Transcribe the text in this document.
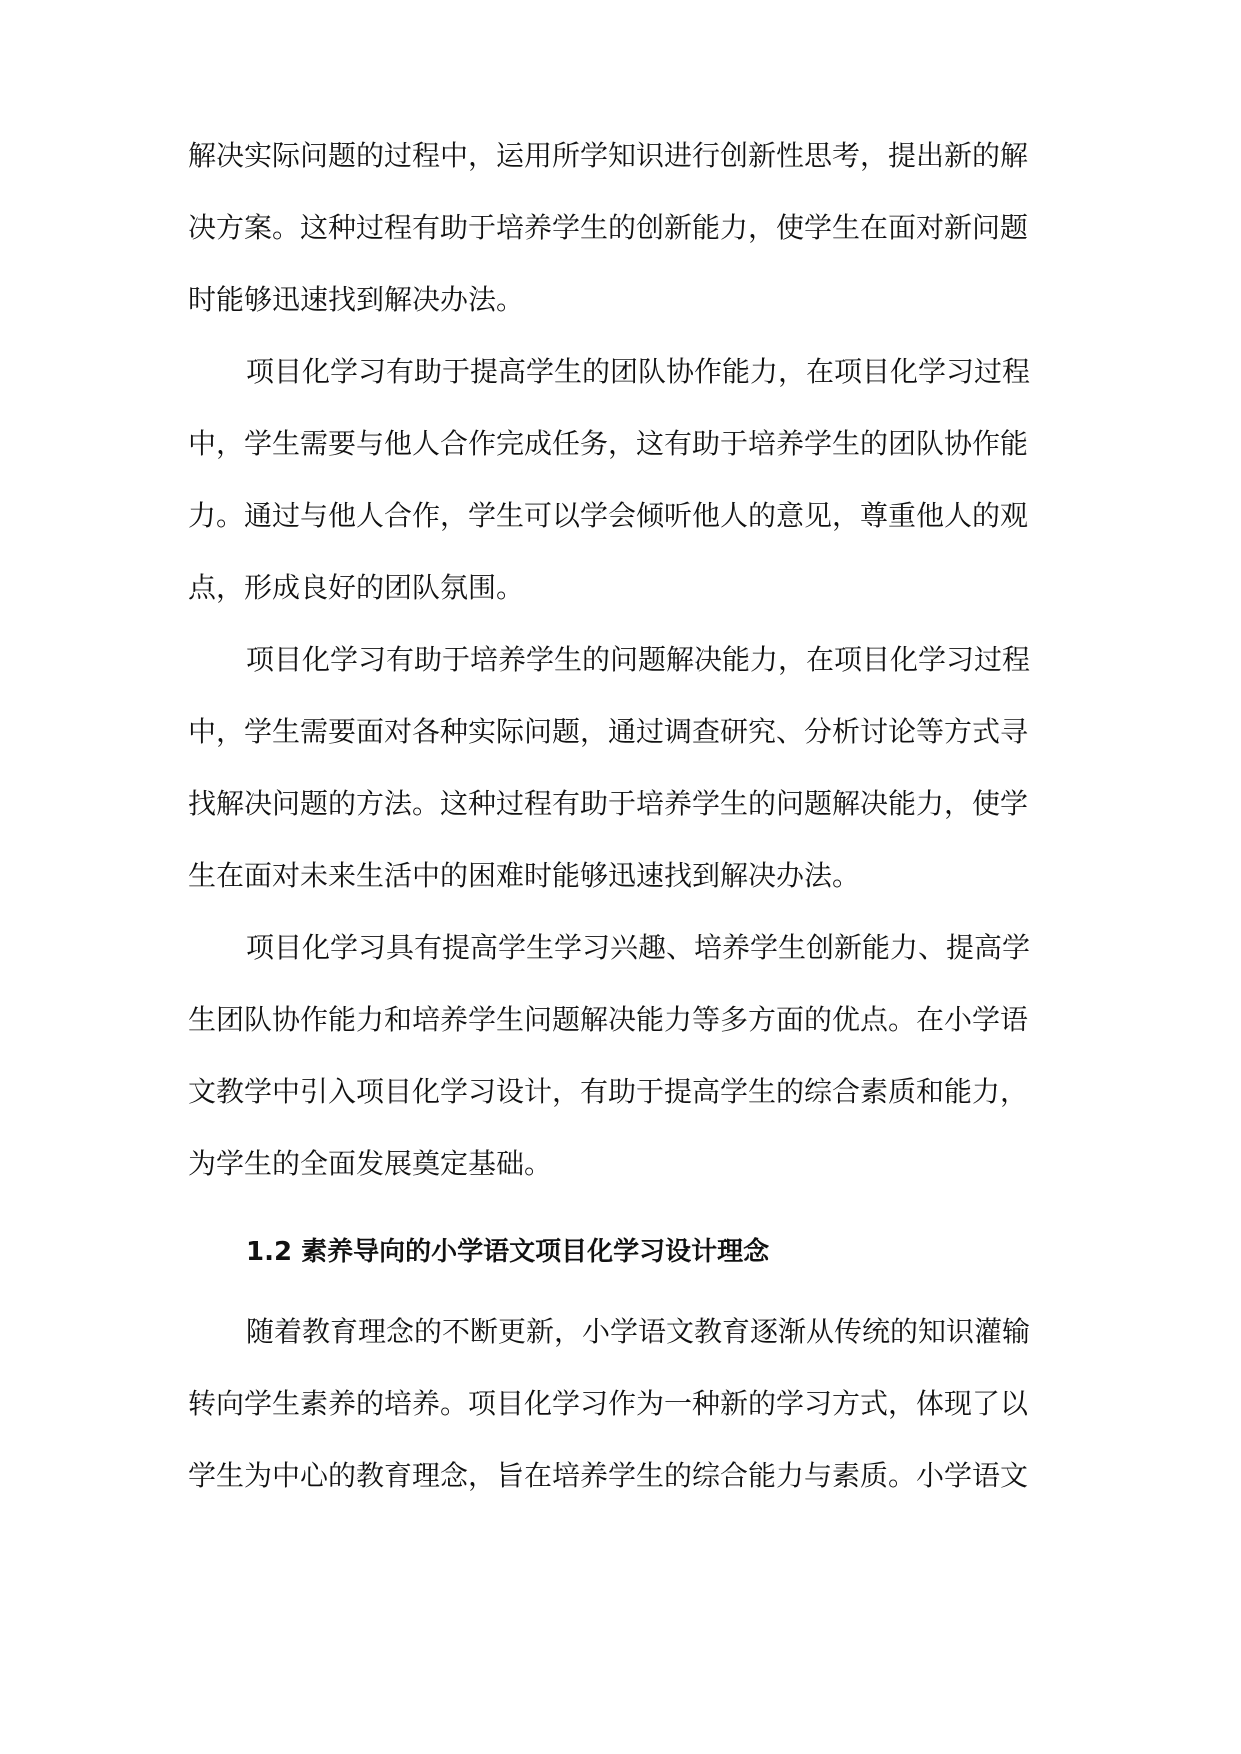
解决实际问题的过程中，运用所学知识进行创新性思考，提出新的解
决方案。这种过程有助于培养学生的创新能力，使学生在面对新问题
时能够迅速找到解决办法。
项目化学习有助于提高学生的团队协作能力，在项目化学习过程
中，学生需要与他人合作完成任务，这有助于培养学生的团队协作能
力。通过与他人合作，学生可以学会倾听他人的意见，尊重他人的观
点，形成良好的团队氛围。
项目化学习有助于培养学生的问题解决能力，在项目化学习过程
中，学生需要面对各种实际问题，通过调查研究、分析讨论等方式寻
找解决问题的方法。这种过程有助于培养学生的问题解决能力，使学
生在面对未来生活中的困难时能够迅速找到解决办法。
项目化学习具有提高学生学习兴趣、培养学生创新能力、提高学
生团队协作能力和培养学生问题解决能力等多方面的优点。在小学语
文教学中引入项目化学习设计，有助于提高学生的综合素质和能力，
为学生的全面发展奠定基础。
1.2 素养导向的小学语文项目化学习设计理念
随着教育理念的不断更新，小学语文教育逐渐从传统的知识灌输
转向学生素养的培养。项目化学习作为一种新的学习方式，体现了以
学生为中心的教育理念，旨在培养学生的综合能力与素质。小学语文
